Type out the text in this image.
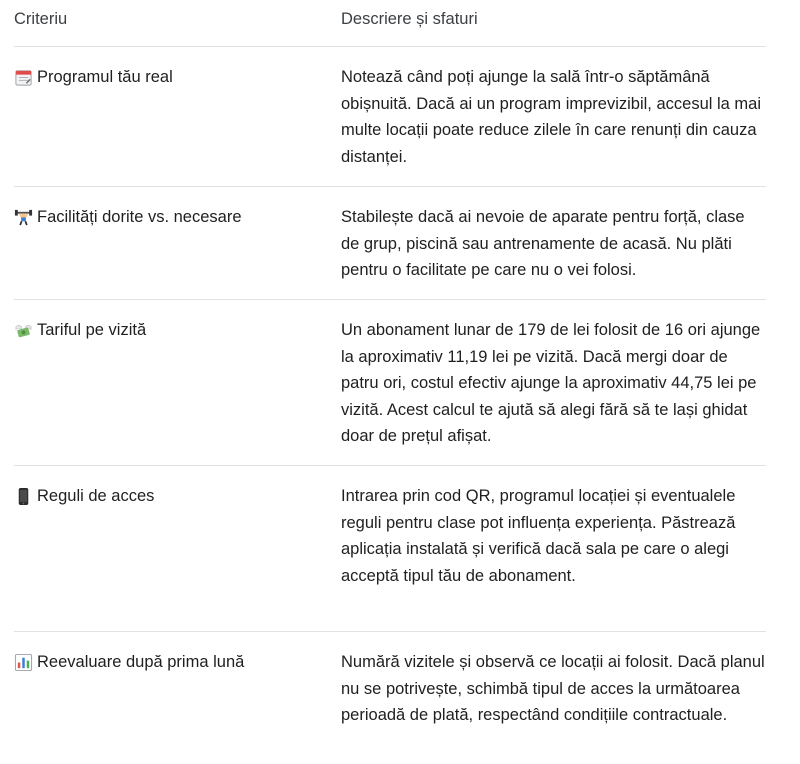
Criteriu	Descriere și sfaturi
Programul tău real	Notează când poți ajunge la sală într-o săptămână obișnuită. Dacă ai un program imprevizibil, accesul la mai multe locații poate reduce zilele în care renunți din cauza distanței.
Facilități dorite vs. necesare	Stabilește dacă ai nevoie de aparate pentru forță, clase de grup, piscină sau antrenamente de acasă. Nu plăti pentru o facilitate pe care nu o vei folosi.
Tariful pe vizită	Un abonament lunar de 179 de lei folosit de 16 ori ajunge la aproximativ 11,19 lei pe vizită. Dacă mergi doar de patru ori, costul efectiv ajunge la aproximativ 44,75 lei pe vizită. Acest calcul te ajută să alegi fără să te lași ghidat doar de prețul afișat.
Reguli de acces	Intrarea prin cod QR, programul locației și eventualele reguli pentru clase pot influența experiența. Păstrează aplicația instalată și verifică dacă sala pe care o alegi acceptă tipul tău de abonament.
Reevaluare după prima lună	Numără vizitele și observă ce locații ai folosit. Dacă planul nu se potrivește, schimbă tipul de acces la următoarea perioadă de plată, respectând condițiile contractuale.
